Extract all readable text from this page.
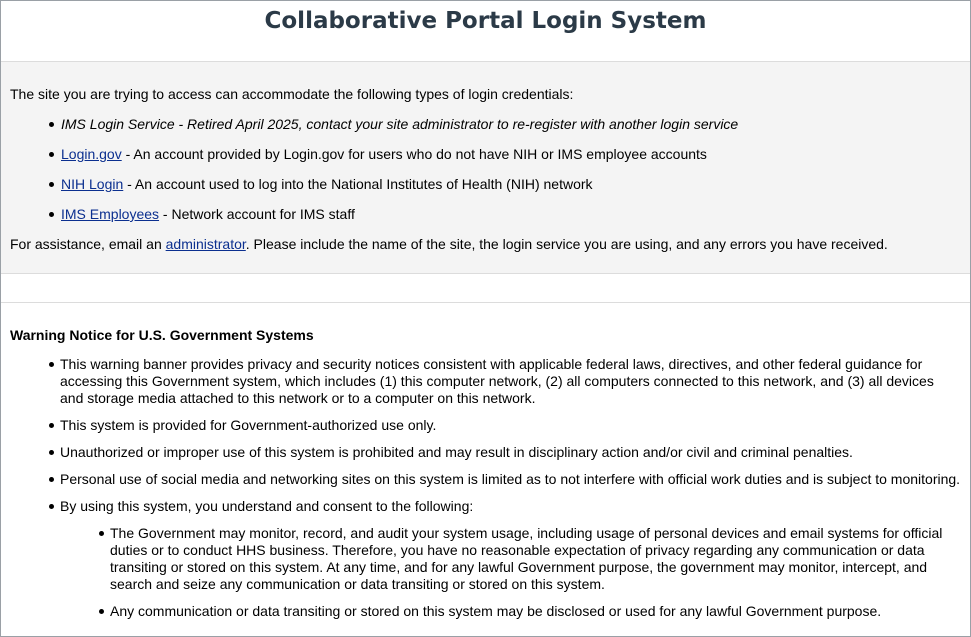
Collaborative Portal Login System

The site you are trying to access can accommodate the following types of login credentials:

IMS Login Service - Retired April 2025, contact your site administrator to re-register with another login service
Login.gov - An account provided by Login.gov for users who do not have NIH or IMS employee accounts
NIH Login - An account used to log into the National Institutes of Health (NIH) network
IMS Employees - Network account for IMS staff

For assistance, email an administrator. Please include the name of the site, the login service you are using, and any errors you have received.

Warning Notice for U.S. Government Systems
This warning banner provides privacy and security notices consistent with applicable federal laws, directives, and other federal guidance for accessing this Government system, which includes (1) this computer network, (2) all computers connected to this network, and (3) all devices and storage media attached to this network or to a computer on this network.
This system is provided for Government-authorized use only.
Unauthorized or improper use of this system is prohibited and may result in disciplinary action and/or civil and criminal penalties.
Personal use of social media and networking sites on this system is limited as to not interfere with official work duties and is subject to monitoring.
By using this system, you understand and consent to the following:
The Government may monitor, record, and audit your system usage, including usage of personal devices and email systems for official duties or to conduct HHS business. Therefore, you have no reasonable expectation of privacy regarding any communication or data transiting or stored on this system. At any time, and for any lawful Government purpose, the government may monitor, intercept, and search and seize any communication or data transiting or stored on this system.
Any communication or data transiting or stored on this system may be disclosed or used for any lawful Government purpose.
